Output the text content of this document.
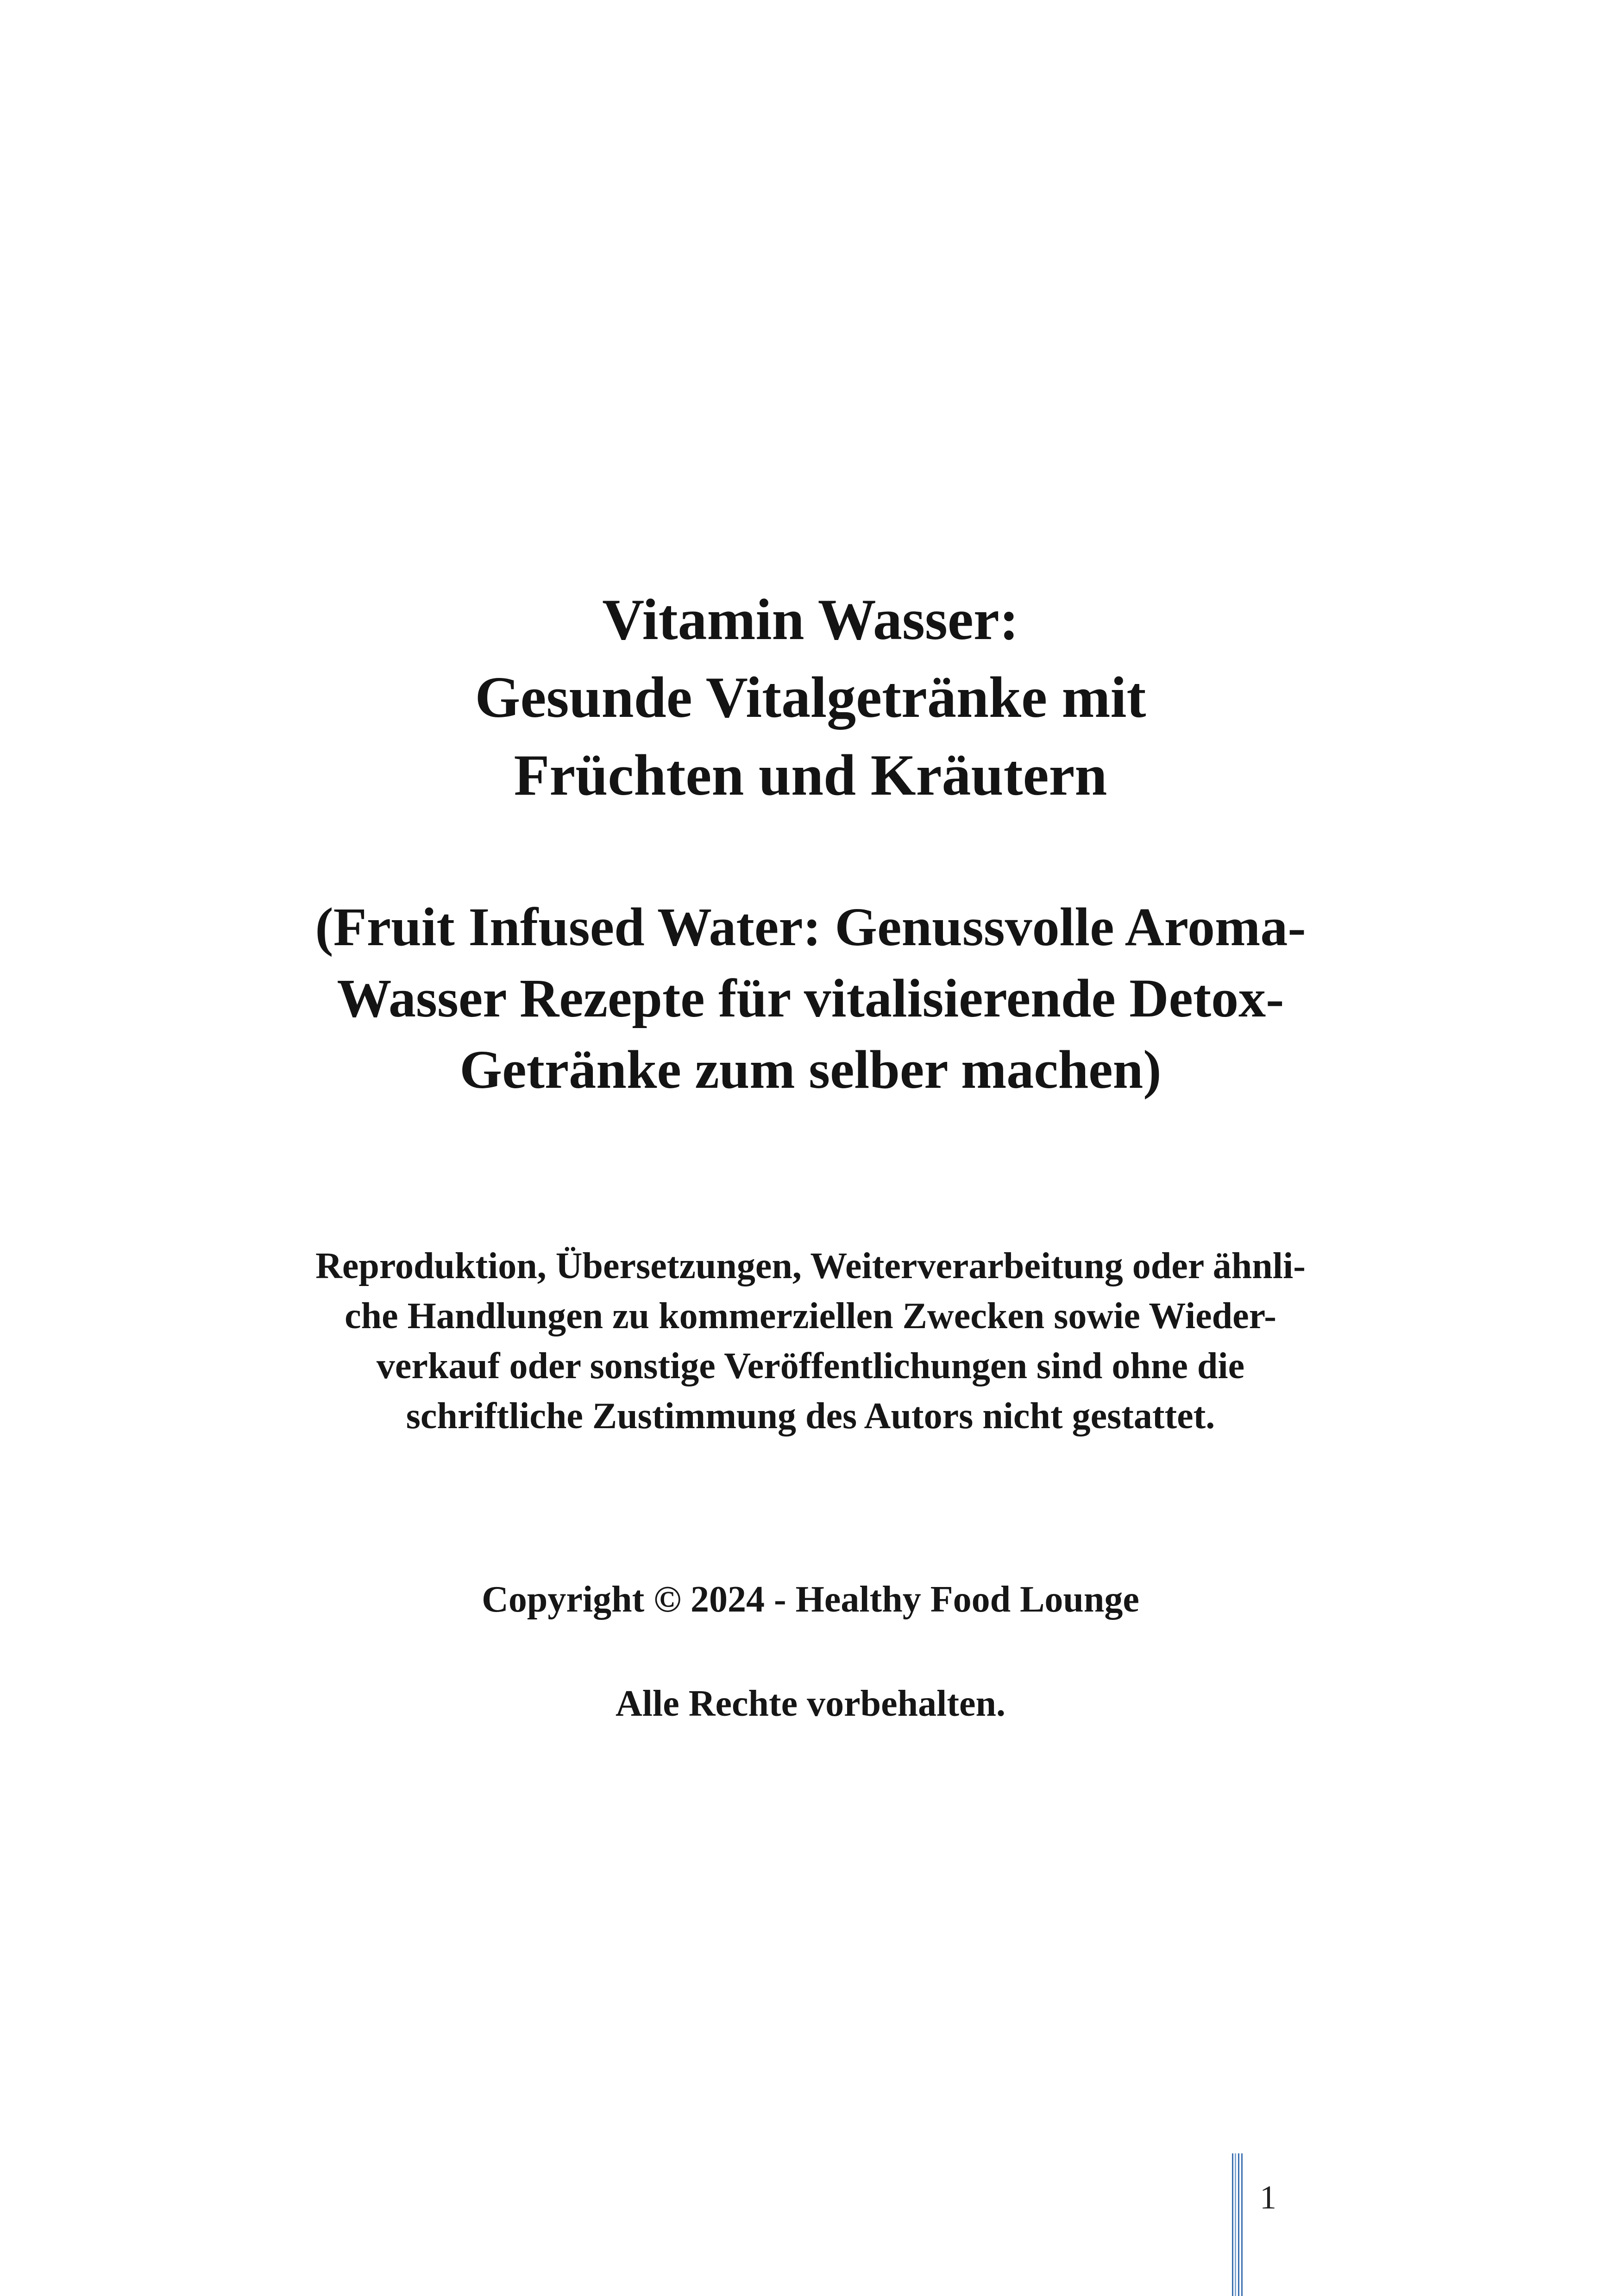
Vitamin Wasser:
Gesunde Vitalgetränke mit
Früchten und Kräutern
(Fruit Infused Water: Genussvolle Aroma-
Wasser Rezepte für vitalisierende Detox-
Getränke zum selber machen)
Reproduktion, Übersetzungen, Weiterverarbeitung oder ähnli-
che Handlungen zu kommerziellen Zwecken sowie Wieder-
verkauf oder sonstige Veröffentlichungen sind ohne die
schriftliche Zustimmung des Autors nicht gestattet.
Copyright © 2024 - Healthy Food Lounge
Alle Rechte vorbehalten.
1
